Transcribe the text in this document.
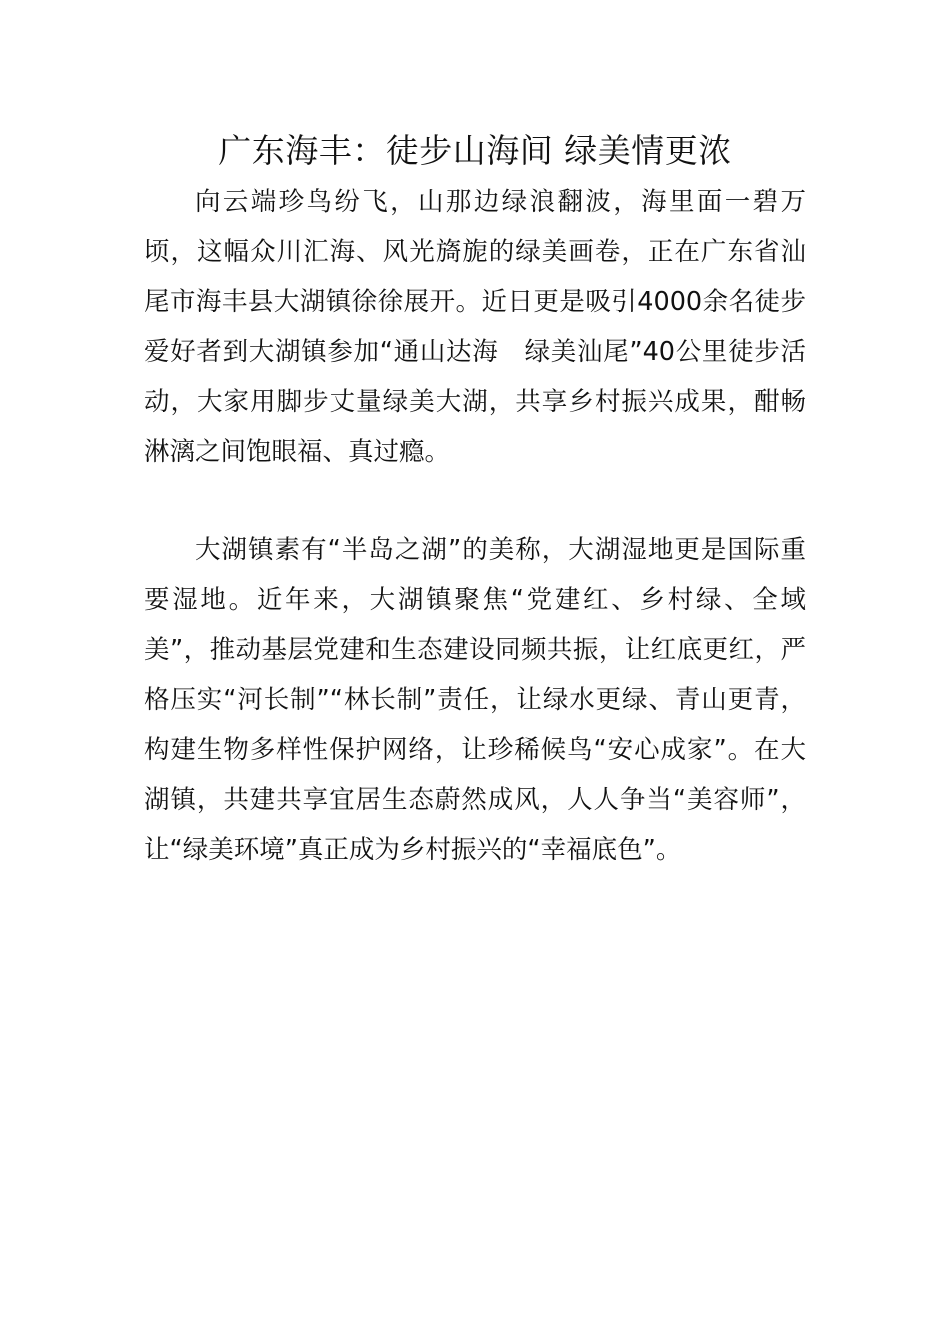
广东海丰：徒步山海间 绿美情更浓

向云端珍鸟纷飞，山那边绿浪翻波，海里面一碧万顷，这幅众川汇海、风光旖旎的绿美画卷，正在广东省汕尾市海丰县大湖镇徐徐展开。近日更是吸引4000余名徒步爱好者到大湖镇参加“通山达海　绿美汕尾”40公里徒步活动，大家用脚步丈量绿美大湖，共享乡村振兴成果，酣畅淋漓之间饱眼福、真过瘾。

大湖镇素有“半岛之湖”的美称，大湖湿地更是国际重要湿地。近年来，大湖镇聚焦“党建红、乡村绿、全域美”，推动基层党建和生态建设同频共振，让红底更红，严格压实“河长制”“林长制”责任，让绿水更绿、青山更青，构建生物多样性保护网络，让珍稀候鸟“安心成家”。在大湖镇，共建共享宜居生态蔚然成风，人人争当“美容师”，让“绿美环境”真正成为乡村振兴的“幸福底色”。
